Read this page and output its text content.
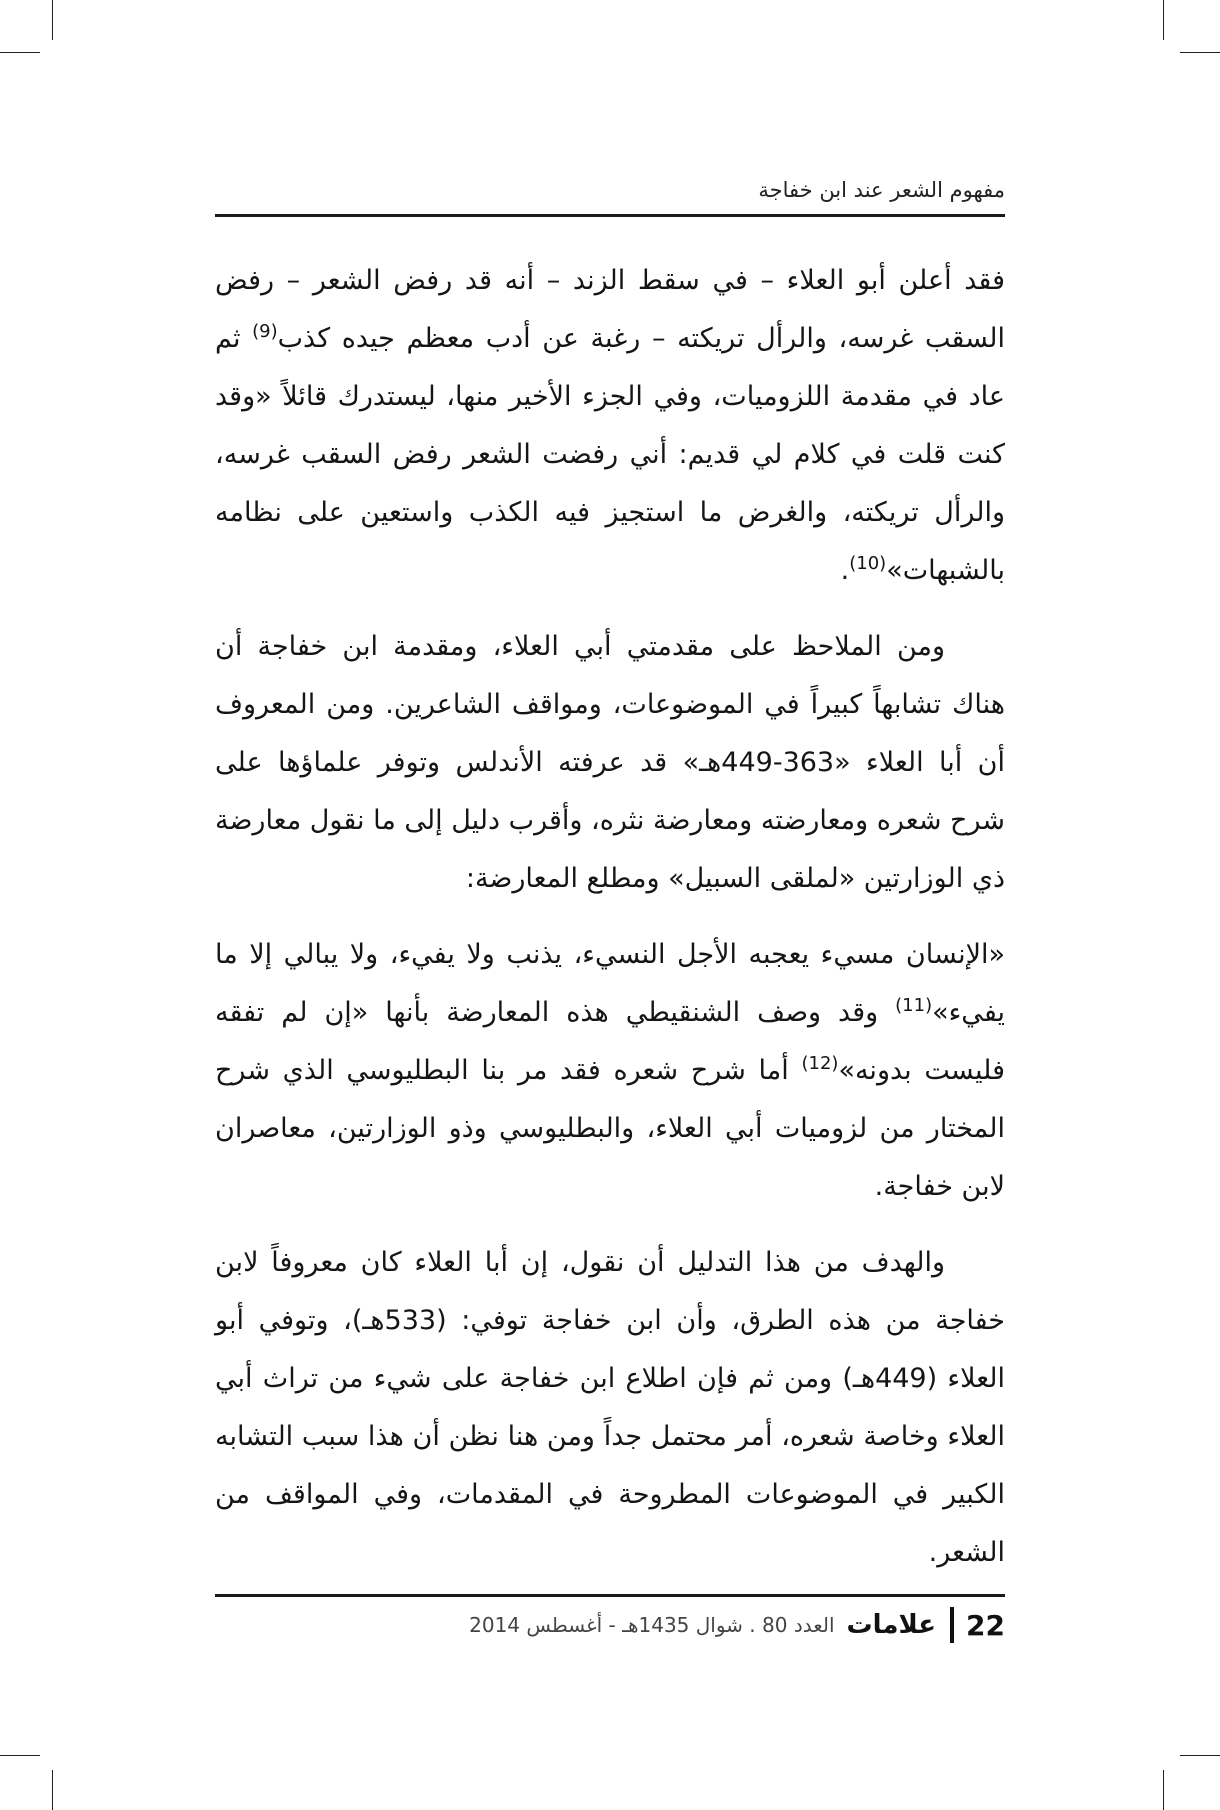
مفهوم الشعر عند ابن خفاجة

فقد أعلن أبو العلاء – في سقط الزند – أنه قد رفض الشعر – رفض السقب غرسه، والرأل تريكته – رغبة عن أدب معظم جيده كذب$^{(9)}$ ثم عاد في مقدمة اللزوميات، وفي الجزء الأخير منها، ليستدرك قائلاً «وقد كنت قلت في كلام لي قديم: أني رفضت الشعر رفض السقب غرسه، والرأل تريكته، والغرض ما استجيز فيه الكذب واستعين على نظامه بالشبهات»$^{(10)}$.

ومن الملاحظ على مقدمتي أبي العلاء، ومقدمة ابن خفاجة أن هناك تشابهاً كبيراً في الموضوعات، ومواقف الشاعرين. ومن المعروف أن أبا العلاء «363-449هـ» قد عرفته الأندلس وتوفر علماؤها على شرح شعره ومعارضته ومعارضة نثره، وأقرب دليل إلى ما نقول معارضة ذي الوزارتين «لملقى السبيل» ومطلع المعارضة:

«الإنسان مسيء يعجبه الأجل النسيء، يذنب ولا يفيء، ولا يبالي إلا ما يفيء»$^{(11)}$ وقد وصف الشنقيطي هذه المعارضة بأنها «إن لم تفقه فليست بدونه»$^{(12)}$ أما شرح شعره فقد مر بنا البطليوسي الذي شرح المختار من لزوميات أبي العلاء، والبطليوسي وذو الوزارتين، معاصران لابن خفاجة.

والهدف من هذا التدليل أن نقول، إن أبا العلاء كان معروفاً لابن خفاجة من هذه الطرق، وأن ابن خفاجة توفي: (533هـ)، وتوفي أبو العلاء (449هـ) ومن ثم فإن اطلاع ابن خفاجة على شيء من تراث أبي العلاء وخاصة شعره، أمر محتمل جداً ومن هنا نظن أن هذا سبب التشابه الكبير في الموضوعات المطروحة في المقدمات، وفي المواقف من الشعر.

22
علامات
العدد 80 . شوال 1435هـ - أغسطس 2014
